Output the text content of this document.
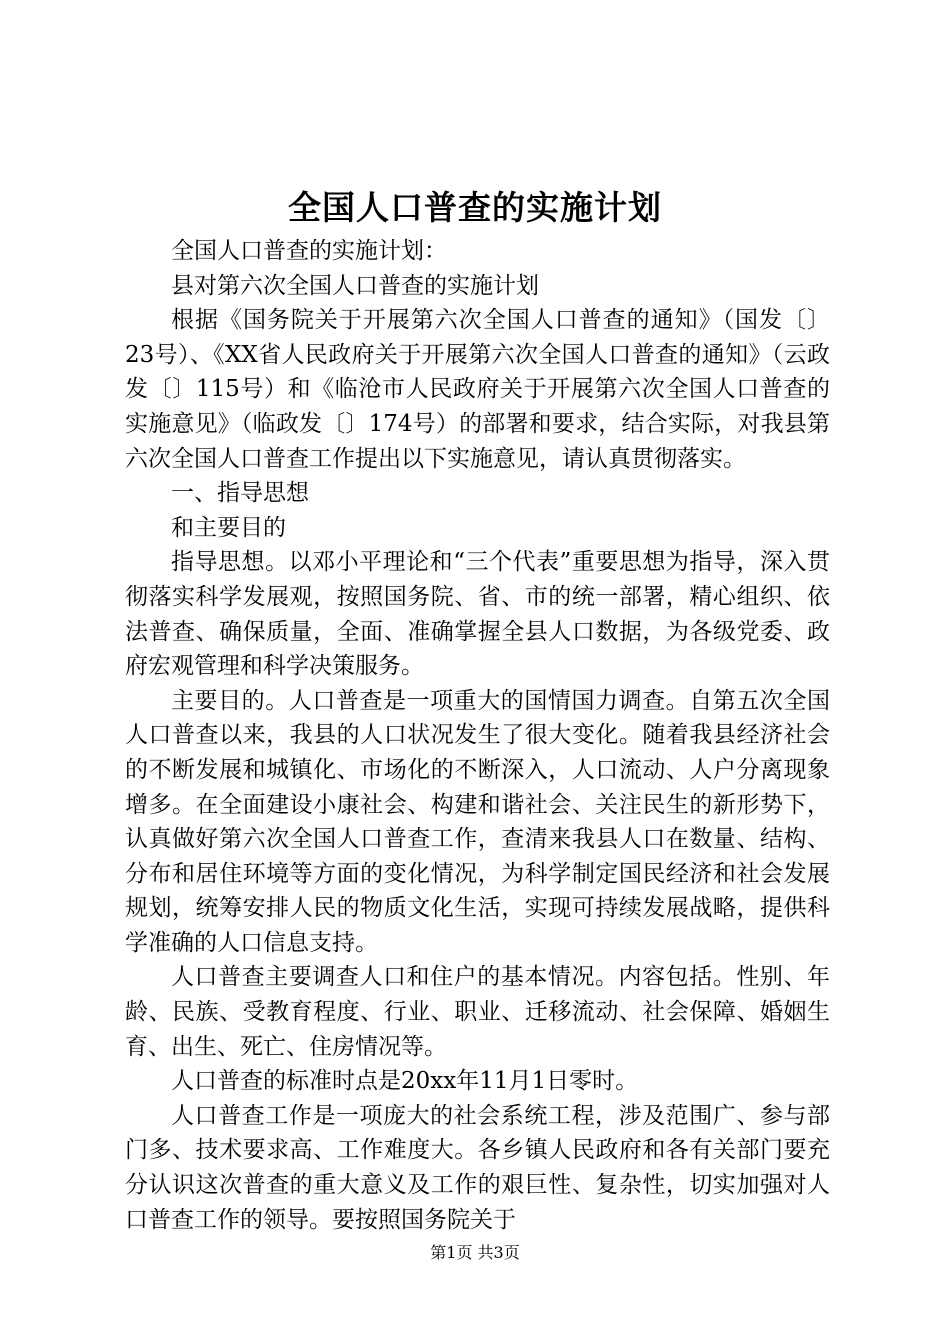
全国人口普查的实施计划

全国人口普查的实施计划：

县对第六次全国人口普查的实施计划

根据《国务院关于开展第六次全国人口普查的通知》（国发〔〕23号）、《XX省人民政府关于开展第六次全国人口普查的通知》（云政发〔〕115号）和《临沧市人民政府关于开展第六次全国人口普查的实施意见》（临政发〔〕174号）的部署和要求，结合实际，对我县第六次全国人口普查工作提出以下实施意见，请认真贯彻落实。

一、指导思想

和主要目的

指导思想。以邓小平理论和“三个代表”重要思想为指导，深入贯彻落实科学发展观，按照国务院、省、市的统一部署，精心组织、依法普查、确保质量，全面、准确掌握全县人口数据，为各级党委、政府宏观管理和科学决策服务。

主要目的。人口普查是一项重大的国情国力调查。自第五次全国人口普查以来，我县的人口状况发生了很大变化。随着我县经济社会的不断发展和城镇化、市场化的不断深入，人口流动、人户分离现象增多。在全面建设小康社会、构建和谐社会、关注民生的新形势下，认真做好第六次全国人口普查工作，查清来我县人口在数量、结构、分布和居住环境等方面的变化情况，为科学制定国民经济和社会发展规划，统筹安排人民的物质文化生活，实现可持续发展战略，提供科学准确的人口信息支持。

人口普查主要调查人口和住户的基本情况。内容包括。性别、年龄、民族、受教育程度、行业、职业、迁移流动、社会保障、婚姻生育、出生、死亡、住房情况等。

人口普查的标准时点是20xx年11月1日零时。

人口普查工作是一项庞大的社会系统工程，涉及范围广、参与部门多、技术要求高、工作难度大。各乡镇人民政府和各有关部门要充分认识这次普查的重大意义及工作的艰巨性、复杂性，切实加强对人口普查工作的领导。要按照国务院关于

第1页 共3页
